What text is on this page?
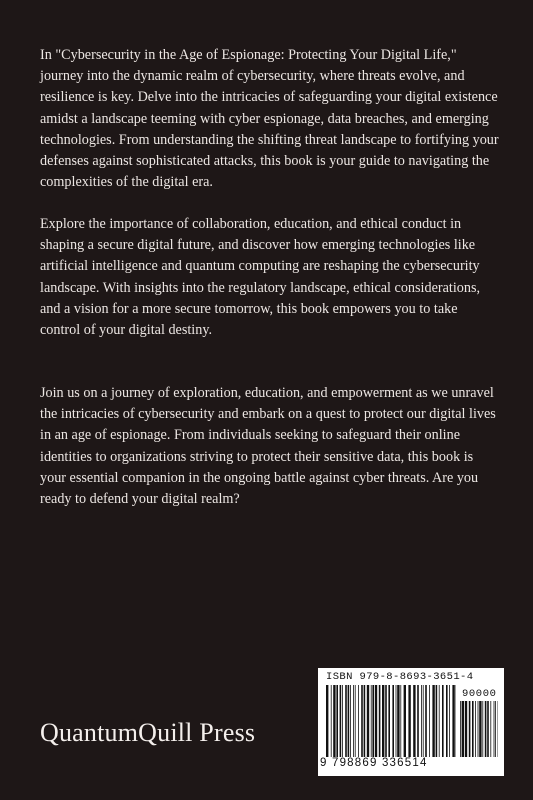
In "Cybersecurity in the Age of Espionage: Protecting Your Digital Life," journey into the dynamic realm of cybersecurity, where threats evolve, and resilience is key. Delve into the intricacies of safeguarding your digital existence amidst a landscape teeming with cyber espionage, data breaches, and emerging technologies. From understanding the shifting threat landscape to fortifying your defenses against sophisticated attacks, this book is your guide to navigating the complexities of the digital era.

Explore the importance of collaboration, education, and ethical conduct in shaping a secure digital future, and discover how emerging technologies like artificial intelligence and quantum computing are reshaping the cybersecurity landscape. With insights into the regulatory landscape, ethical considerations, and a vision for a more secure tomorrow, this book empowers you to take control of your digital destiny.

Join us on a journey of exploration, education, and empowerment as we unravel the intricacies of cybersecurity and embark on a quest to protect our digital lives in an age of espionage. From individuals seeking to safeguard their online identities to organizations striving to protect their sensitive data, this book is your essential companion in the ongoing battle against cyber threats. Are you ready to defend your digital realm?

QuantumQuill Press
ISBN 979-8-8693-3651-4
90000
9 798869 336514
